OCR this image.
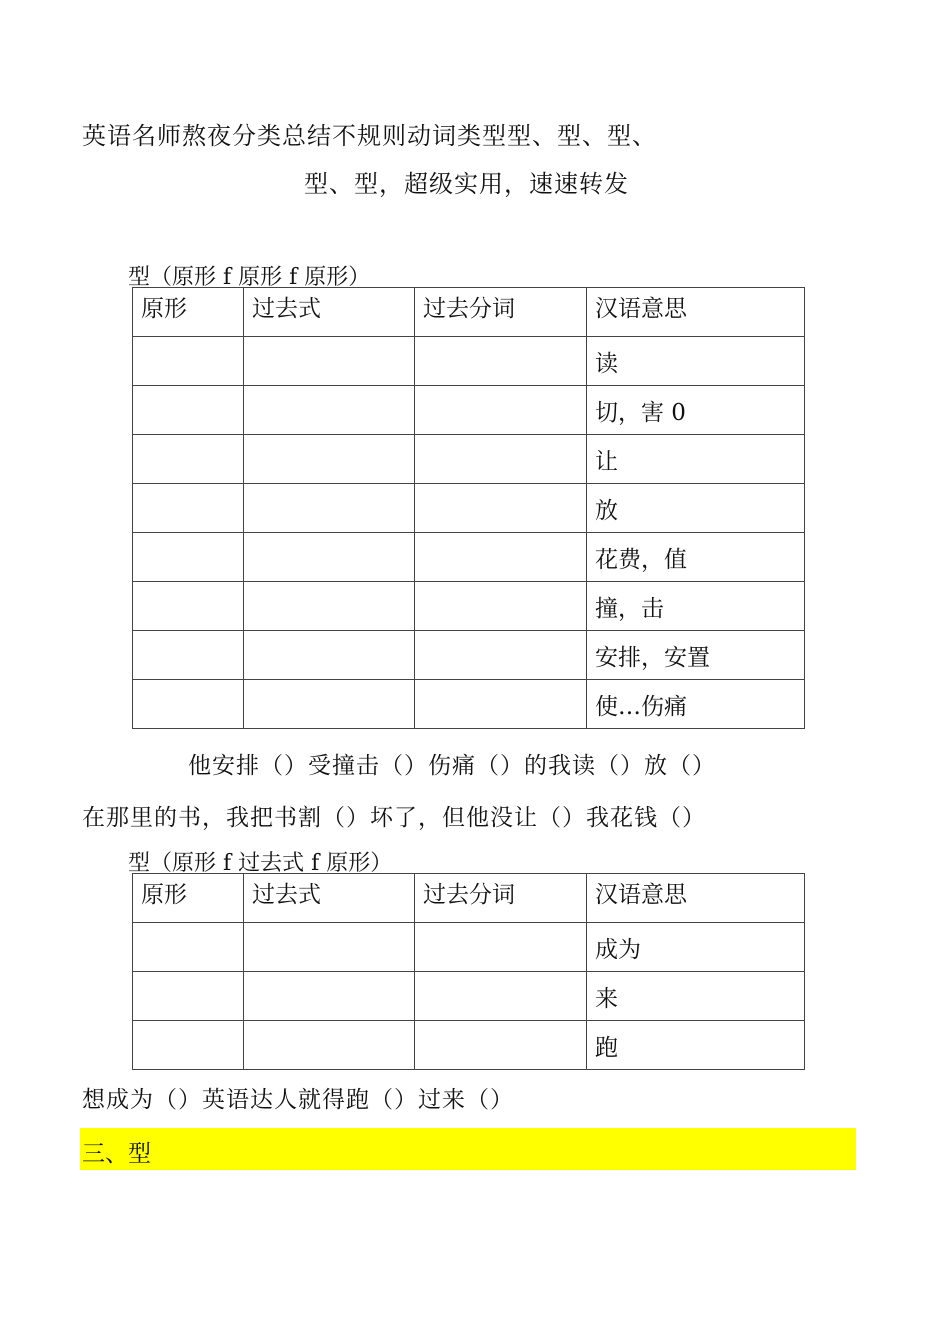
英语名师熬夜分类总结不规则动词类型型、型、型、
型、型，超级实用，速速转发
型（原形 f 原形 f 原形）
原形	过去式	过去分词	汉语意思
			读
			切，害 0
			让
			放
			花费，值
			撞，击
			安排，安置
			使…伤痛
他安排（）受撞击（）伤痛（）的我读（）放（）
在那里的书，我把书割（）坏了，但他没让（）我花钱（）
型（原形 f 过去式 f 原形）
原形	过去式	过去分词	汉语意思
			成为
			来
			跑
想成为（）英语达人就得跑（）过来（）
三、型
